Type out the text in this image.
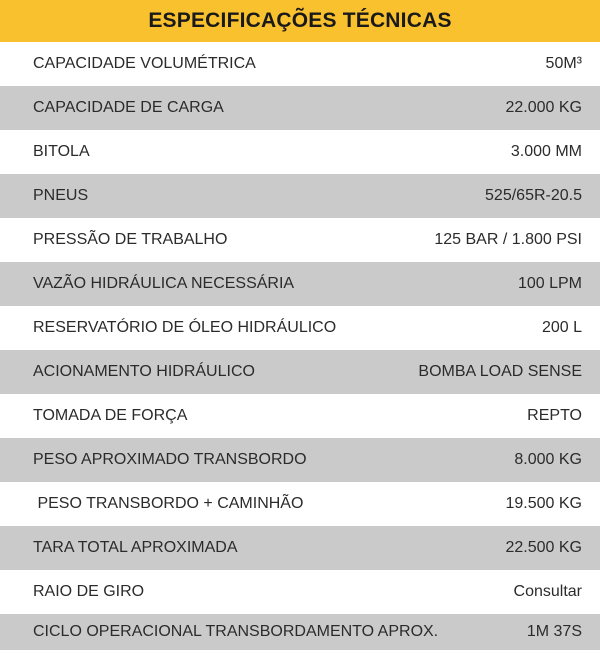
ESPECIFICAÇÕES TÉCNICAS
CAPACIDADE VOLUMÉTRICA	50M³
CAPACIDADE DE CARGA	22.000 KG
BITOLA	3.000 MM
PNEUS	525/65R-20.5
PRESSÃO DE TRABALHO	125 BAR / 1.800 PSI
VAZÃO HIDRÁULICA NECESSÁRIA	100 LPM
RESERVATÓRIO DE ÓLEO HIDRÁULICO	200 L
ACIONAMENTO HIDRÁULICO	BOMBA LOAD SENSE
TOMADA DE FORÇA	REPTO
PESO APROXIMADO TRANSBORDO	8.000 KG
PESO TRANSBORDO + CAMINHÃO	19.500 KG
TARA TOTAL APROXIMADA	22.500 KG
RAIO DE GIRO	Consultar
CICLO OPERACIONAL TRANSBORDAMENTO APROX.	1M 37S
